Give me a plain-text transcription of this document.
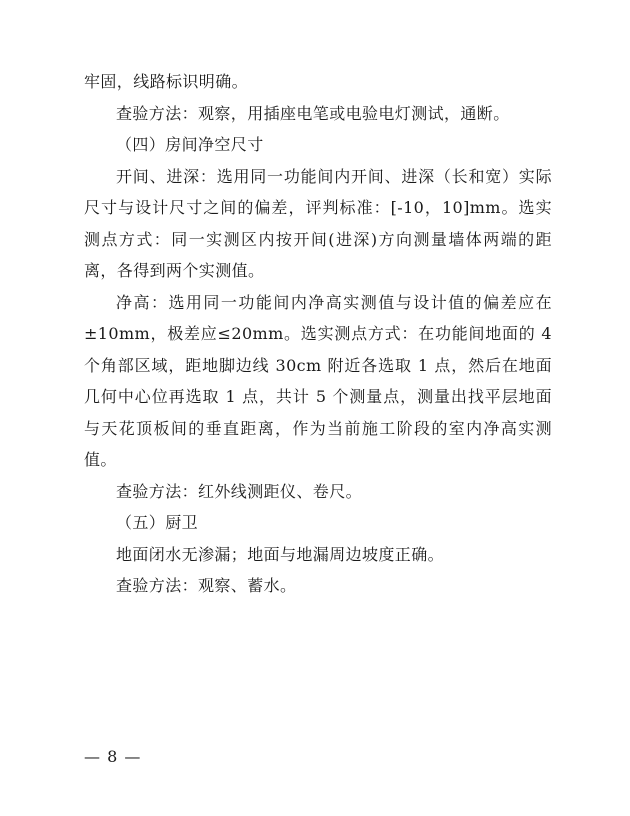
牢固，线路标识明确。

查验方法：观察，用插座电笔或电验电灯测试，通断。

（四）房间净空尺寸

开间、进深：选用同一功能间内开间、进深（长和宽）实际尺寸与设计尺寸之间的偏差，评判标准：[-10，10]mm。选实测点方式：同一实测区内按开间(进深)方向测量墙体两端的距离，各得到两个实测值。

净高：选用同一功能间内净高实测值与设计值的偏差应在±10mm，极差应≤20mm。选实测点方式：在功能间地面的 4 个角部区域，距地脚边线 30cm 附近各选取 1 点，然后在地面几何中心位再选取 1 点，共计 5 个测量点，测量出找平层地面与天花顶板间的垂直距离，作为当前施工阶段的室内净高实测值。

查验方法：红外线测距仪、卷尺。

（五）厨卫

地面闭水无渗漏；地面与地漏周边坡度正确。

查验方法：观察、蓄水。

— 8 —
